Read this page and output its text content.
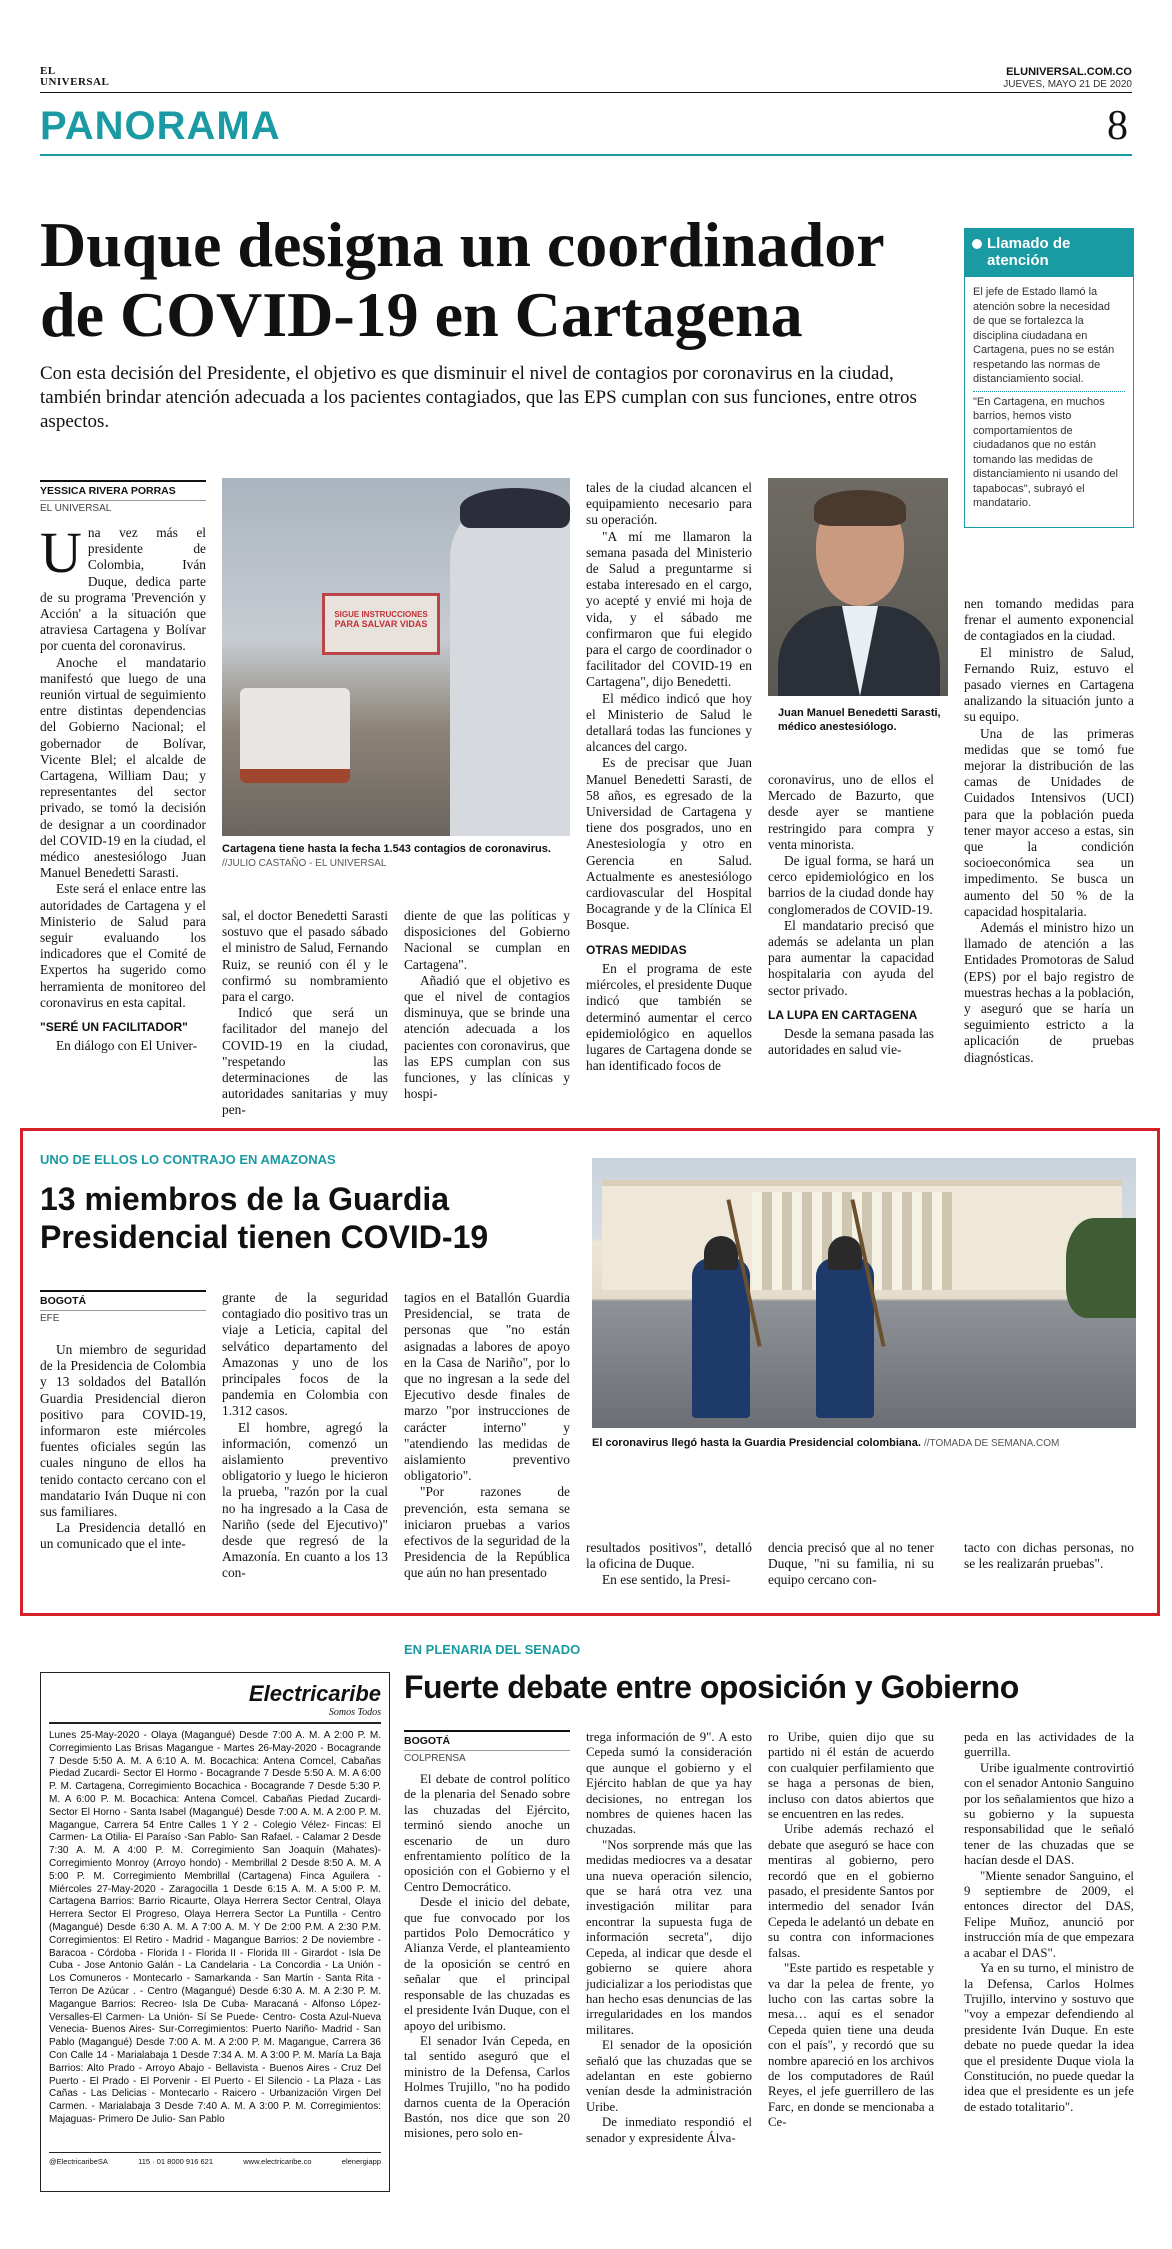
EL
UNIVERSAL
ELUNIVERSAL.COM.CO
JUEVES, MAYO 21 DE 2020
PANORAMA	8
Duque designa un coordinador
de COVID-19 en Cartagena

Con esta decisión del Presidente, el objetivo es que disminuir el nivel de contagios por coronavirus en la ciudad, también brindar atención adecuada a los pacientes contagiados, que las EPS cumplan con sus funciones, entre otros aspectos.

Llamado de atención

El jefe de Estado llamó la atención sobre la necesidad de que se fortalezca la disciplina ciudadana en Cartagena, pues no se están respetando las normas de distanciamiento social.

"En Cartagena, en muchos barrios, hemos visto comportamientos de ciudadanos que no están tomando las medidas de distanciamiento ni usando del tapabocas", subrayó el mandatario.

YESSICA RIVERA PORRAS
EL UNIVERSAL
U na vez más el presidente de Colombia, Iván Duque, dedica parte de su programa 'Prevención y Acción' a la situación que atraviesa Cartagena y Bolívar por cuenta del coronavirus.

Anoche el mandatario manifestó que luego de una reunión virtual de seguimiento entre distintas dependencias del Gobierno Nacional; el gobernador de Bolívar, Vicente Blel; el alcalde de Cartagena, William Dau; y representantes del sector privado, se tomó la decisión de designar a un coordinador del COVID-19 en la ciudad, el médico anestesiólogo Juan Manuel Benedetti Sarasti.

Este será el enlace entre las autoridades de Cartagena y el Ministerio de Salud para seguir evaluando los indicadores que el Comité de Expertos ha sugerido como herramienta de monitoreo del coronavirus en esta capital.

"SERÉ UN FACILITADOR"

En diálogo con El Univer-

SIGUE INSTRUCCIONES
PARA SALVAR VIDAS
Cartagena tiene hasta la fecha 1.543 contagios de coronavirus.
//JULIO CASTAÑO - EL UNIVERSAL

sal, el doctor Benedetti Sarasti sostuvo que el pasado sábado el ministro de Salud, Fernando Ruiz, se reunió con él y le confirmó su nombramiento para el cargo.

Indicó que será un facilitador del manejo del COVID-19 en la ciudad, "respetando las determinaciones de las autoridades sanitarias y muy pen-

diente de que las políticas y disposiciones del Gobierno Nacional se cumplan en Cartagena".

Añadió que el objetivo es que el nivel de contagios disminuya, que se brinde una atención adecuada a los pacientes con coronavirus, que las EPS cumplan con sus funciones, y las clínicas y hospi-

tales de la ciudad alcancen el equipamiento necesario para su operación.

"A mí me llamaron la semana pasada del Ministerio de Salud a preguntarme si estaba interesado en el cargo, yo acepté y envié mi hoja de vida, y el sábado me confirmaron que fui elegido para el cargo de coordinador o facilitador del COVID-19 en Cartagena", dijo Benedetti.

El médico indicó que hoy el Ministerio de Salud le detallará todas las funciones y alcances del cargo.

Es de precisar que Juan Manuel Benedetti Sarasti, de 58 años, es egresado de la Universidad de Cartagena y tiene dos posgrados, uno en Anestesiología y otro en Gerencia en Salud. Actualmente es anestesiólogo cardiovascular del Hospital Bocagrande y de la Clínica El Bosque.

OTRAS MEDIDAS

En el programa de este miércoles, el presidente Duque indicó que también se determinó aumentar el cerco epidemiológico en aquellos lugares de Cartagena donde se han identificado focos de

Juan Manuel Benedetti Sarasti, médico anestesiólogo.

coronavirus, uno de ellos el Mercado de Bazurto, que desde ayer se mantiene restringido para compra y venta minorista.

De igual forma, se hará un cerco epidemiológico en los barrios de la ciudad donde hay conglomerados de COVID-19.

El mandatario precisó que además se adelanta un plan para aumentar la capacidad hospitalaria con ayuda del sector privado.

LA LUPA EN CARTAGENA

Desde la semana pasada las autoridades en salud vie-

nen tomando medidas para frenar el aumento exponencial de contagiados en la ciudad.

El ministro de Salud, Fernando Ruiz, estuvo el pasado viernes en Cartagena analizando la situación junto a su equipo.

Una de las primeras medidas que se tomó fue mejorar la distribución de las camas de Unidades de Cuidados Intensivos (UCI) para que la población pueda tener mayor acceso a estas, sin que la condición socioeconómica sea un impedimento. Se busca un aumento del 50 % de la capacidad hospitalaria.

Además el ministro hizo un llamado de atención a las Entidades Promotoras de Salud (EPS) por el bajo registro de muestras hechas a la población, y aseguró que se haría un seguimiento estricto a la aplicación de pruebas diagnósticas.

UNO DE ELLOS LO CONTRAJO EN AMAZONAS
13 miembros de la Guardia
Presidencial tienen COVID-19
BOGOTÁ
EFE

Un miembro de seguridad de la Presidencia de Colombia y 13 soldados del Batallón Guardia Presidencial dieron positivo para COVID-19, informaron este miércoles fuentes oficiales según las cuales ninguno de ellos ha tenido contacto cercano con el mandatario Iván Duque ni con sus familiares.

La Presidencia detalló en un comunicado que el inte-

grante de la seguridad contagiado dio positivo tras un viaje a Leticia, capital del selvático departamento del Amazonas y uno de los principales focos de la pandemia en Colombia con 1.312 casos.

El hombre, agregó la información, comenzó un aislamiento preventivo obligatorio y luego le hicieron la prueba, "razón por la cual no ha ingresado a la Casa de Nariño (sede del Ejecutivo)" desde que regresó de la Amazonía. En cuanto a los 13 con-

tagios en el Batallón Guardia Presidencial, se trata de personas que "no están asignadas a labores de apoyo en la Casa de Nariño", por lo que no ingresan a la sede del Ejecutivo desde finales de marzo "por instrucciones de carácter interno" y "atendiendo las medidas de aislamiento preventivo obligatorio".

"Por razones de prevención, esta semana se iniciaron pruebas a varios efectivos de la seguridad de la Presidencia de la República que aún no han presentado

El coronavirus llegó hasta la Guardia Presidencial colombiana. //TOMADA DE SEMANA.COM

resultados positivos", detalló la oficina de Duque.

En ese sentido, la Presi-

dencia precisó que al no tener Duque, "ni su familia, ni su equipo cercano con-

tacto con dichas personas, no se les realizarán pruebas".

Electricaribe
Somos Todos
Lunes 25-May-2020 - Olaya (Magangué) Desde 7:00 A. M. A 2:00 P. M. Corregimiento Las Brisas Magangue - Martes 26-May-2020 - Bocagrande 7 Desde 5:50 A. M. A 6:10 A. M. Bocachica: Antena Comcel, Cabañas Piedad Zucardi- Sector El Hormo - Bocagrande 7 Desde 5:50 A. M. A 6:00 P. M. Cartagena, Corregimiento Bocachica - Bocagrande 7 Desde 5:30 P. M. A 6:00 P. M. Bocachica: Antena Comcel. Cabañas Piedad Zucardi- Sector El Horno - Santa Isabel (Magangué) Desde 7:00 A. M. A 2:00 P. M. Magangue, Carrera 54 Entre Calles 1 Y 2 - Colegio Vélez- Fincas: El Carmen- La Otilia- El Paraíso -San Pablo- San Rafael. - Calamar 2 Desde 7:30 A. M. A 4:00 P. M. Corregimiento San Joaquín (Mahates)- Corregimiento Monroy (Arroyo hondo) - Membrillal 2 Desde 8:50 A. M. A 5:00 P. M. Corregimiento Membrillal (Cartagena) Finca Aguilera - Miércoles 27-May-2020 - Zaragocilla 1 Desde 6:15 A. M. A 5:00 P. M. Cartagena Barrios: Barrio Ricaurte, Olaya Herrera Sector Central, Olaya Herrera Sector El Progreso, Olaya Herrera Sector La Puntilla - Centro (Magangué) Desde 6:30 A. M. A 7:00 A. M. Y De 2:00 P.M. A 2:30 P.M. Corregimientos: El Retiro - Madrid - Magangue Barrios: 2 De noviembre - Baracoa - Córdoba - Florida I - Florida II - Florida III - Girardot - Isla De Cuba - Jose Antonio Galán - La Candelaria - La Concordia - La Unión - Los Comuneros - Montecarlo - Samarkanda - San Martín - Santa Rita - Terron De Azúcar . - Centro (Magangué) Desde 6:30 A. M. A 2:30 P. M. Magangue Barrios: Recreo- Isla De Cuba- Maracaná - Alfonso López- Versalles-El Carmen- La Unión- Sí Se Puede- Centro- Costa Azul-Nueva Venecia- Buenos Aires- Sur-Corregimientos: Puerto Nariño- Madrid - San Pablo (Magangué) Desde 7:00 A. M. A 2:00 P. M. Magangue, Carrera 36 Con Calle 14 - Marialabaja 1 Desde 7:34 A. M. A 3:00 P. M. María La Baja Barrios: Alto Prado - Arroyo Abajo - Bellavista - Buenos Aires - Cruz Del Puerto - El Prado - El Porvenir - El Puerto - El Silencio - La Plaza - Las Cañas - Las Delicias - Montecarlo - Raicero - Urbanización Virgen Del Carmen. - Marialabaja 3 Desde 7:40 A. M. A 3:00 P. M. Corregimientos: Majaguas- Primero De Julio- San Pablo
@ElectricaribeSA	115 · 01 8000 916 621	www.electricaribe.co	elenergiapp
EN PLENARIA DEL SENADO
Fuerte debate entre oposición y Gobierno
BOGOTÁ
COLPRENSA

El debate de control político de la plenaria del Senado sobre las chuzadas del Ejército, terminó siendo anoche un escenario de un duro enfrentamiento político de la oposición con el Gobierno y el Centro Democrático.

Desde el inicio del debate, que fue convocado por los partidos Polo Democrático y Alianza Verde, el planteamiento de la oposición se centró en señalar que el principal responsable de las chuzadas es el presidente Iván Duque, con el apoyo del uribismo.

El senador Iván Cepeda, en tal sentido aseguró que el ministro de la Defensa, Carlos Holmes Trujillo, "no ha podido darnos cuenta de la Operación Bastón, nos dice que son 20 misiones, pero solo en-

trega información de 9". A esto Cepeda sumó la consideración que aunque el gobierno y el Ejército hablan de que ya hay decisiones, no entregan los nombres de quienes hacen las chuzadas.

"Nos sorprende más que las medidas mediocres va a desatar una nueva operación silencio, que se hará otra vez una investigación militar para encontrar la supuesta fuga de información secreta", dijo Cepeda, al indicar que desde el gobierno se quiere ahora judicializar a los periodistas que han hecho esas denuncias de las irregularidades en los mandos militares.

El senador de la oposición señaló que las chuzadas que se adelantan en este gobierno venían desde la administración Uribe.

De inmediato respondió el senador y expresidente Álva-

ro Uribe, quien dijo que su partido ni él están de acuerdo con cualquier perfilamiento que se haga a personas de bien, incluso con datos abiertos que se encuentren en las redes.

Uribe además rechazó el debate que aseguró se hace con mentiras al gobierno, pero recordó que en el gobierno pasado, el presidente Santos por intermedio del senador Iván Cepeda le adelantó un debate en su contra con informaciones falsas.

"Este partido es respetable y va dar la pelea de frente, yo lucho con las cartas sobre la mesa… aquí es el senador Cepeda quien tiene una deuda con el país", y recordó que su nombre apareció en los archivos de los computadores de Raúl Reyes, el jefe guerrillero de las Farc, en donde se mencionaba a Ce-

peda en las actividades de la guerrilla.

Uribe igualmente controvirtió con el senador Antonio Sanguino por los señalamientos que hizo a su gobierno y la supuesta responsabilidad que le señaló tener de las chuzadas que se hacían desde el DAS.

"Miente senador Sanguino, el 9 septiembre de 2009, el entonces director del DAS, Felipe Muñoz, anunció por instrucción mía de que empezara a acabar el DAS".

Ya en su turno, el ministro de la Defensa, Carlos Holmes Trujillo, intervino y sostuvo que "voy a empezar defendiendo al presidente Iván Duque. En este debate no puede quedar la idea que el presidente Duque viola la Constitución, no puede quedar la idea que el presidente es un jefe de estado totalitario".
